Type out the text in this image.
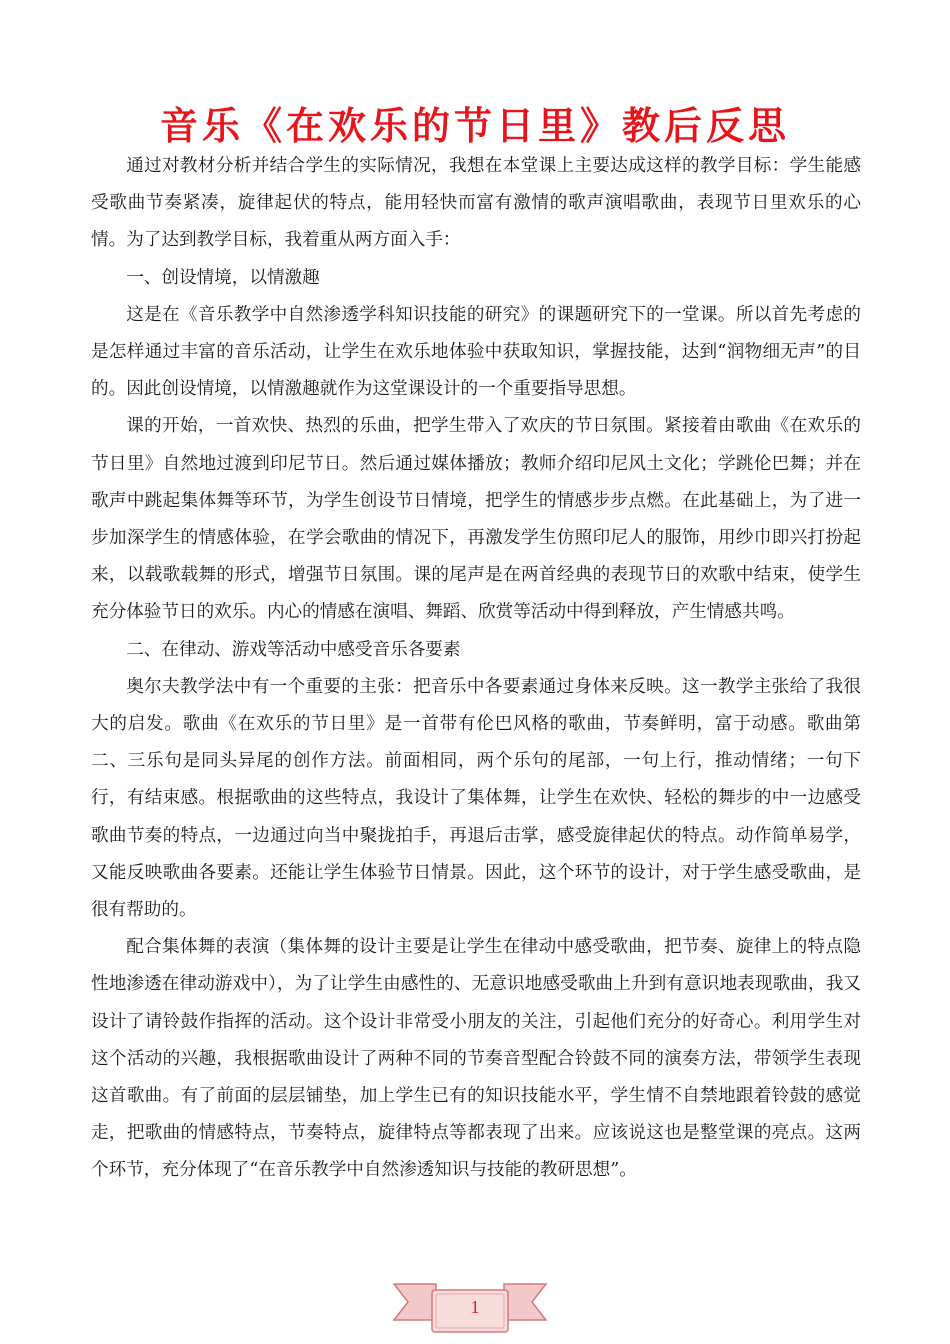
音乐《在欢乐的节日里》教后反思

通过对教材分析并结合学生的实际情况，我想在本堂课上主要达成这样的教学目标：学生能感受歌曲节奏紧凑，旋律起伏的特点，能用轻快而富有激情的歌声演唱歌曲，表现节日里欢乐的心情。为了达到教学目标，我着重从两方面入手：

一、创设情境，以情激趣

这是在《音乐教学中自然渗透学科知识技能的研究》的课题研究下的一堂课。所以首先考虑的是怎样通过丰富的音乐活动，让学生在欢乐地体验中获取知识，掌握技能，达到“润物细无声”的目的。因此创设情境，以情激趣就作为这堂课设计的一个重要指导思想。

课的开始，一首欢快、热烈的乐曲，把学生带入了欢庆的节日氛围。紧接着由歌曲《在欢乐的节日里》自然地过渡到印尼节日。然后通过媒体播放；教师介绍印尼风土文化；学跳伦巴舞；并在歌声中跳起集体舞等环节，为学生创设节日情境，把学生的情感步步点燃。在此基础上，为了进一步加深学生的情感体验，在学会歌曲的情况下，再激发学生仿照印尼人的服饰，用纱巾即兴打扮起来，以载歌载舞的形式，增强节日氛围。课的尾声是在两首经典的表现节日的欢歌中结束，使学生充分体验节日的欢乐。内心的情感在演唱、舞蹈、欣赏等活动中得到释放，产生情感共鸣。

二、在律动、游戏等活动中感受音乐各要素

奥尔夫教学法中有一个重要的主张：把音乐中各要素通过身体来反映。这一教学主张给了我很大的启发。歌曲《在欢乐的节日里》是一首带有伦巴风格的歌曲，节奏鲜明，富于动感。歌曲第二、三乐句是同头异尾的创作方法。前面相同，两个乐句的尾部，一句上行，推动情绪；一句下行，有结束感。根据歌曲的这些特点，我设计了集体舞，让学生在欢快、轻松的舞步的中一边感受歌曲节奏的特点，一边通过向当中聚拢拍手，再退后击掌，感受旋律起伏的特点。动作简单易学，又能反映歌曲各要素。还能让学生体验节日情景。因此，这个环节的设计，对于学生感受歌曲，是很有帮助的。

配合集体舞的表演（集体舞的设计主要是让学生在律动中感受歌曲，把节奏、旋律上的特点隐性地渗透在律动游戏中），为了让学生由感性的、无意识地感受歌曲上升到有意识地表现歌曲，我又设计了请铃鼓作指挥的活动。这个设计非常受小朋友的关注，引起他们充分的好奇心。利用学生对这个活动的兴趣，我根据歌曲设计了两种不同的节奏音型配合铃鼓不同的演奏方法，带领学生表现这首歌曲。有了前面的层层铺垫，加上学生已有的知识技能水平，学生情不自禁地跟着铃鼓的感觉走，把歌曲的情感特点，节奏特点，旋律特点等都表现了出来。应该说这也是整堂课的亮点。这两个环节，充分体现了“在音乐教学中自然渗透知识与技能的教研思想”。

1
